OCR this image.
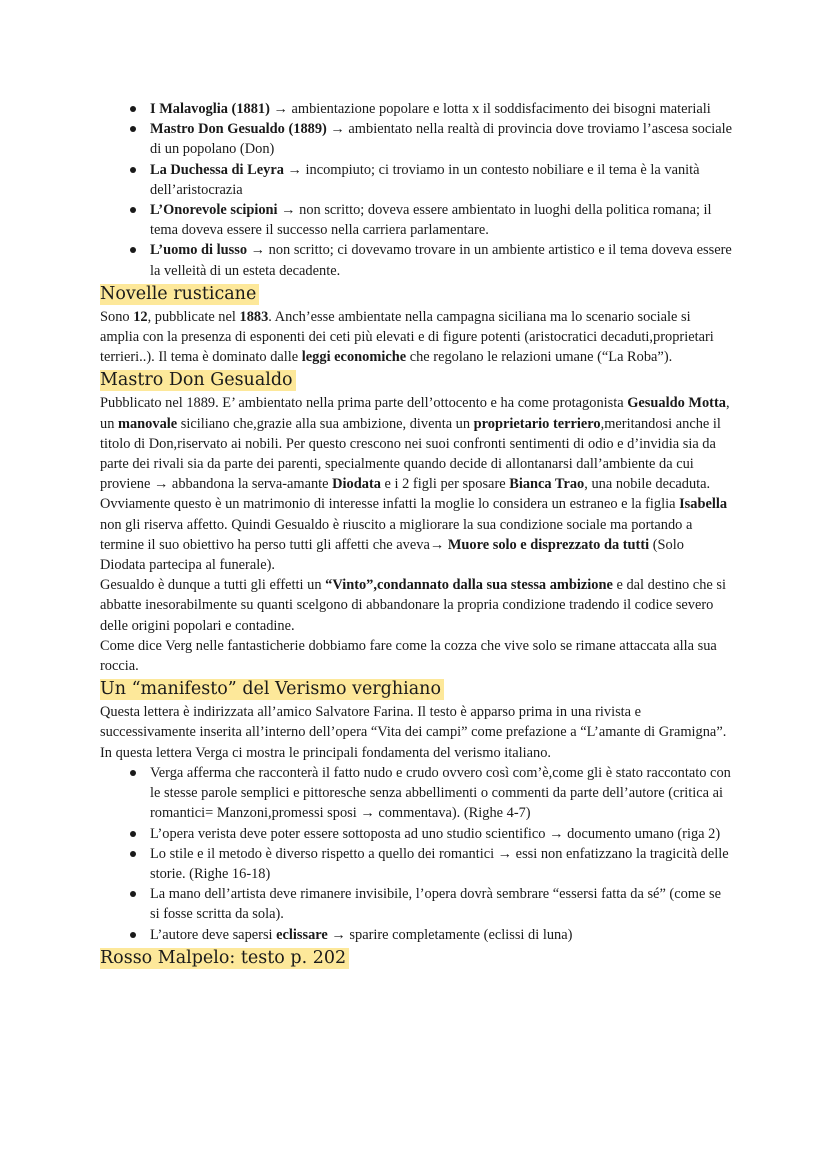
I Malavoglia (1881) → ambientazione popolare e lotta x il soddisfacimento dei bisogni materiali
Mastro Don Gesualdo (1889) → ambientato nella realtà di provincia dove troviamo l’ascesa sociale di un popolano (Don)
La Duchessa di Leyra → incompiuto; ci troviamo in un contesto nobiliare e il tema è la vanità dell’aristocrazia
L’Onorevole scipioni → non scritto; doveva essere ambientato in luoghi della politica romana; il tema doveva essere il successo nella carriera parlamentare.
L’uomo di lusso → non scritto; ci dovevamo trovare in un ambiente artistico e il tema doveva essere la velleità di un esteta decadente.
Novelle rusticane

Sono 12, pubblicate nel 1883. Anch’esse ambientate nella campagna siciliana ma lo scenario sociale si amplia con la presenza di esponenti dei ceti più elevati e di figure potenti (aristocratici decaduti,proprietari terrieri..). Il tema è dominato dalle leggi economiche che regolano le relazioni umane (“La Roba”).

Mastro Don Gesualdo

Pubblicato nel 1889. E’ ambientato nella prima parte dell’ottocento e ha come protagonista Gesualdo Motta, un manovale siciliano che,grazie alla sua ambizione, diventa un proprietario terriero,meritandosi anche il titolo di Don,riservato ai nobili. Per questo crescono nei suoi confronti sentimenti di odio e d’invidia sia da parte dei rivali sia da parte dei parenti, specialmente quando decide di allontanarsi dall’ambiente da cui proviene → abbandona la serva-amante Diodata e i 2 figli per sposare Bianca Trao, una nobile decaduta. Ovviamente questo è un matrimonio di interesse infatti la moglie lo considera un estraneo e la figlia Isabella non gli riserva affetto. Quindi Gesualdo è riuscito a migliorare la sua condizione sociale ma portando a termine il suo obiettivo ha perso tutti gli affetti che aveva→ Muore solo e disprezzato da tutti (Solo Diodata partecipa al funerale).

Gesualdo è dunque a tutti gli effetti un “Vinto”,condannato dalla sua stessa ambizione e dal destino che si abbatte inesorabilmente su quanti scelgono di abbandonare la propria condizione tradendo il codice severo delle origini popolari e contadine.

Come dice Verg nelle fantasticherie dobbiamo fare come la cozza che vive solo se rimane attaccata alla sua roccia.

Un “manifesto” del Verismo verghiano

Questa lettera è indirizzata all’amico Salvatore Farina. Il testo è apparso prima in una rivista e successivamente inserita all’interno dell’opera “Vita dei campi” come prefazione a “L’amante di Gramigna”.

In questa lettera Verga ci mostra le principali fondamenta del verismo italiano.

Verga afferma che racconterà il fatto nudo e crudo ovvero così com’è,come gli è stato raccontato con le stesse parole semplici e pittoresche senza abbellimenti o commenti da parte dell’autore (critica ai romantici= Manzoni,promessi sposi → commentava). (Righe 4-7)
L’opera verista deve poter essere sottoposta ad uno studio scientifico → documento umano (riga 2)
Lo stile e il metodo è diverso rispetto a quello dei romantici → essi non enfatizzano la tragicità delle storie. (Righe 16-18)
La mano dell’artista deve rimanere invisibile, l’opera dovrà sembrare “essersi fatta da sé” (come se si fosse scritta da sola).
L’autore deve sapersi eclissare → sparire completamente (eclissi di luna)
Rosso Malpelo: testo p. 202
